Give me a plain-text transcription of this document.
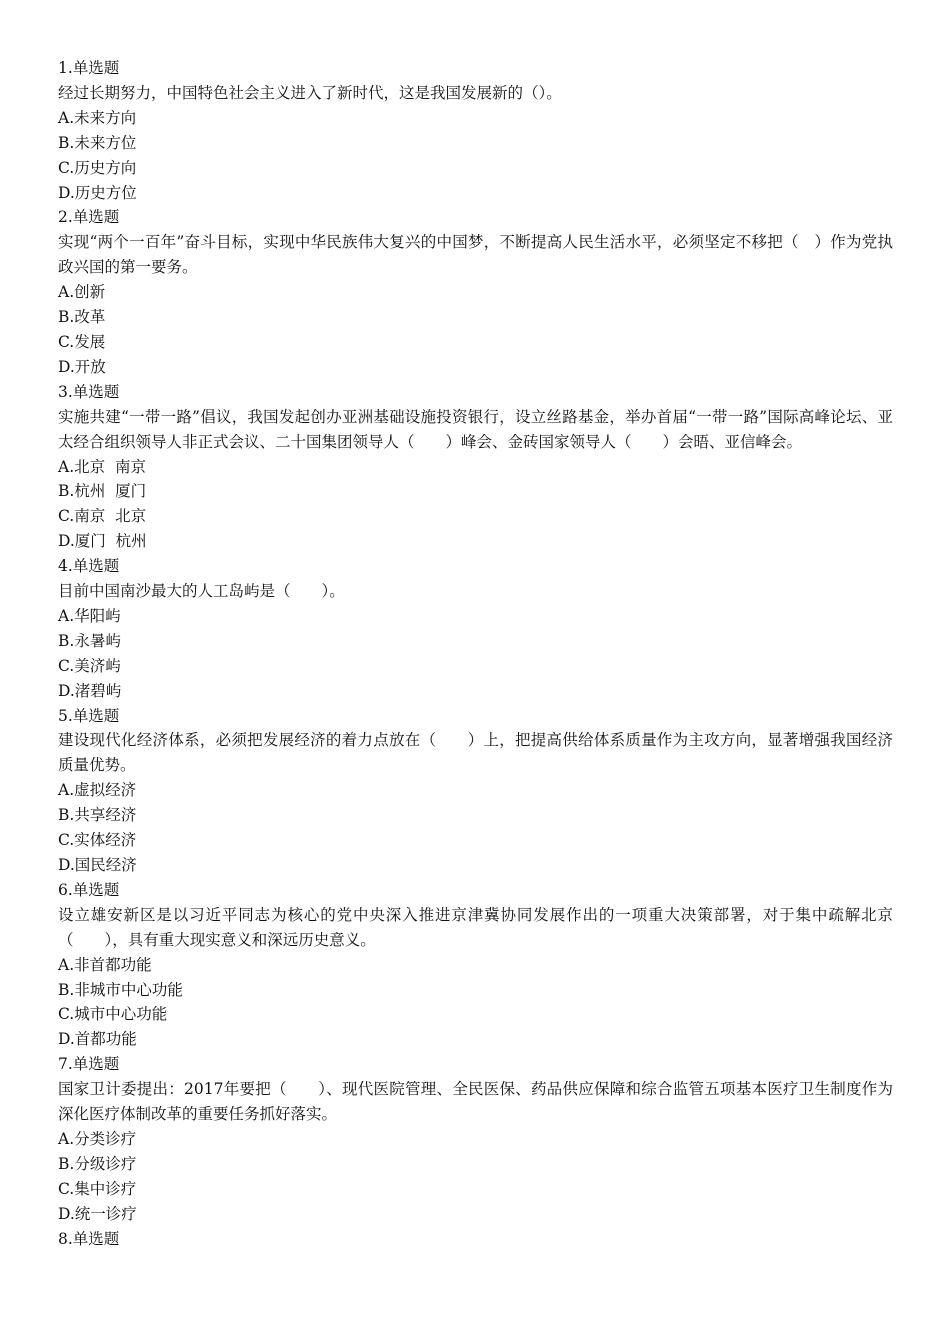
1.单选题
经过长期努力，中国特色社会主义进入了新时代，这是我国发展新的（）。
A.未来方向
B.未来方位
C.历史方向
D.历史方位
2.单选题
实现“两个一百年”奋斗目标，实现中华民族伟大复兴的中国梦，不断提高人民生活水平，必须坚定不移把（　）作为党执政兴国的第一要务。
A.创新
B.改革
C.发展
D.开放
3.单选题
实施共建“一带一路”倡议，我国发起创办亚洲基础设施投资银行，设立丝路基金，举办首届“一带一路”国际高峰论坛、亚太经合组织领导人非正式会议、二十国集团领导人（　　）峰会、金砖国家领导人（　　）会晤、亚信峰会。
A.北京  南京
B.杭州  厦门
C.南京  北京
D.厦门  杭州
4.单选题
目前中国南沙最大的人工岛屿是（　　）。
A.华阳屿
B.永暑屿
C.美济屿
D.渚碧屿
5.单选题
建设现代化经济体系，必须把发展经济的着力点放在（　　）上，把提高供给体系质量作为主攻方向，显著增强我国经济质量优势。
A.虚拟经济
B.共享经济
C.实体经济
D.国民经济
6.单选题
设立雄安新区是以习近平同志为核心的党中央深入推进京津冀协同发展作出的一项重大决策部署，对于集中疏解北京（　　），具有重大现实意义和深远历史意义。
A.非首都功能
B.非城市中心功能
C.城市中心功能
D.首都功能
7.单选题
国家卫计委提出：2017年要把（　　）、现代医院管理、全民医保、药品供应保障和综合监管五项基本医疗卫生制度作为深化医疗体制改革的重要任务抓好落实。
A.分类诊疗
B.分级诊疗
C.集中诊疗
D.统一诊疗
8.单选题
